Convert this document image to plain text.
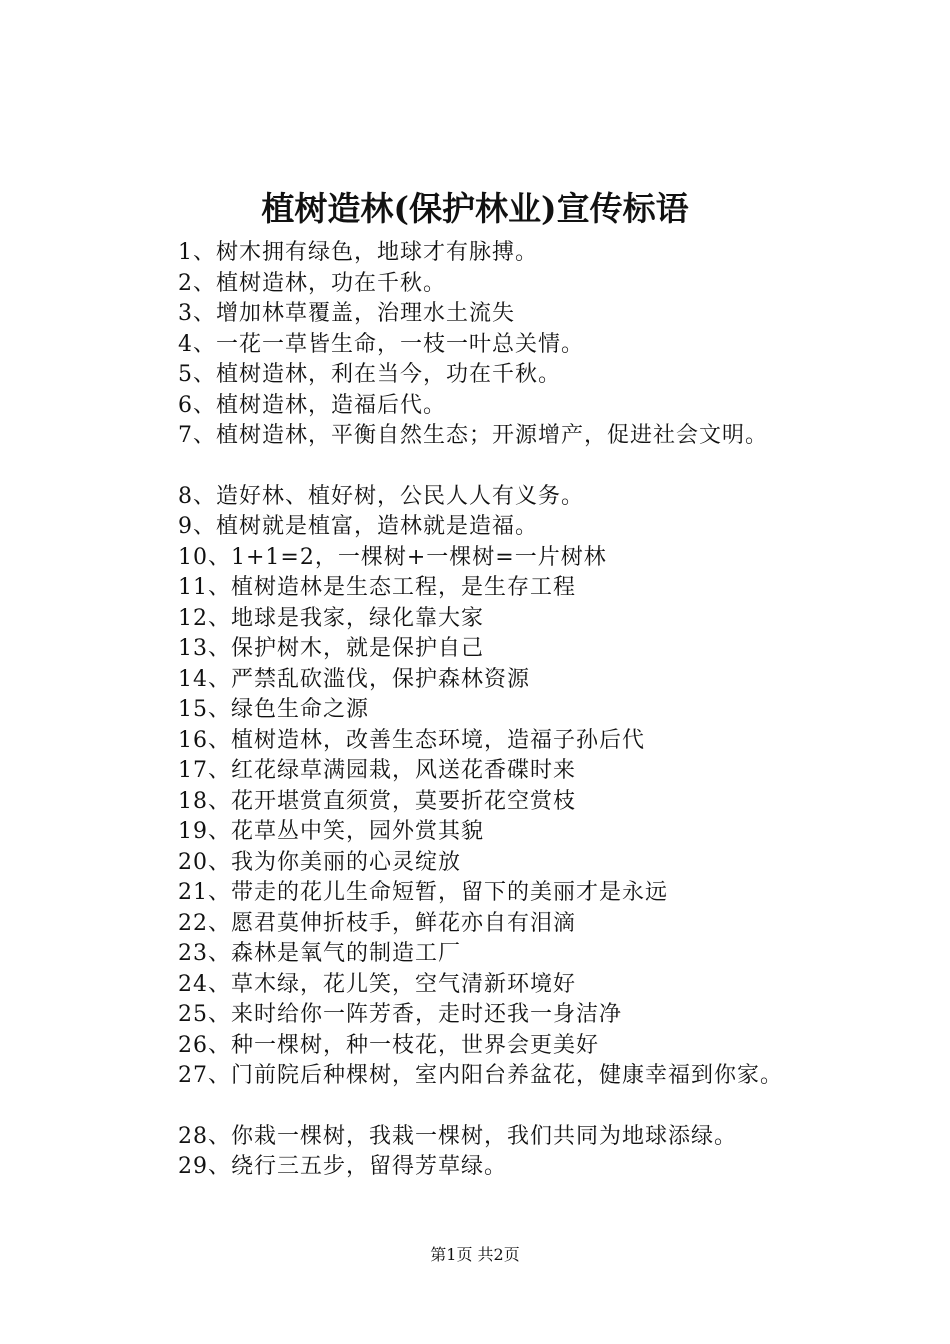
植树造林(保护林业)宣传标语
1、树木拥有绿色，地球才有脉搏。
2、植树造林，功在千秋。
3、增加林草覆盖，治理水土流失
4、一花一草皆生命，一枝一叶总关情。
5、植树造林，利在当今，功在千秋。
6、植树造林，造福后代。
7、植树造林，平衡自然生态；开源增产，促进社会文明。
8、造好林、植好树，公民人人有义务。
9、植树就是植富，造林就是造福。
10、1+1=2，一棵树+一棵树=一片树林
11、植树造林是生态工程，是生存工程
12、地球是我家，绿化靠大家
13、保护树木，就是保护自己
14、严禁乱砍滥伐，保护森林资源
15、绿色生命之源
16、植树造林，改善生态环境，造福子孙后代
17、红花绿草满园栽，风送花香碟时来
18、花开堪赏直须赏，莫要折花空赏枝
19、花草丛中笑，园外赏其貌
20、我为你美丽的心灵绽放
21、带走的花儿生命短暂，留下的美丽才是永远
22、愿君莫伸折枝手，鲜花亦自有泪滴
23、森林是氧气的制造工厂
24、草木绿，花儿笑，空气清新环境好
25、来时给你一阵芳香，走时还我一身洁净
26、种一棵树，种一枝花，世界会更美好
27、门前院后种棵树，室内阳台养盆花，健康幸福到你家。
28、你栽一棵树，我栽一棵树，我们共同为地球添绿。
29、绕行三五步，留得芳草绿。
第1页 共2页
